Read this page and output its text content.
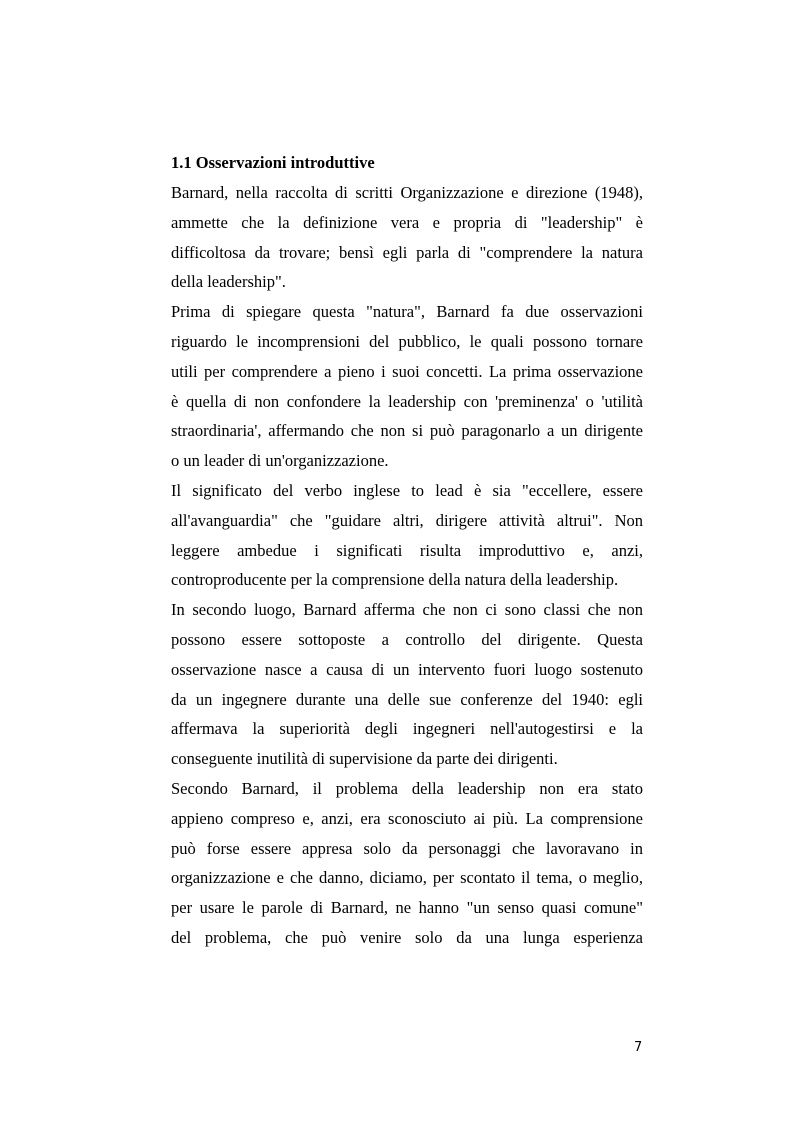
1.1 Osservazioni introduttive
Barnard, nella raccolta di scritti Organizzazione e direzione (1948),
ammette che la definizione vera e propria di "leadership" è
difficoltosa da trovare; bensì egli parla di "comprendere la natura
della leadership".
Prima di spiegare questa "natura", Barnard fa due osservazioni
riguardo le incomprensioni del pubblico, le quali possono tornare
utili per comprendere a pieno i suoi concetti. La prima osservazione
è quella di non confondere la leadership con 'preminenza' o 'utilità
straordinaria', affermando che non si può paragonarlo a un dirigente
o un leader di un'organizzazione.
Il significato del verbo inglese to lead è sia "eccellere, essere
all'avanguardia" che "guidare altri, dirigere attività altrui". Non
leggere ambedue i significati risulta improduttivo e, anzi,
controproducente per la comprensione della natura della leadership.
In secondo luogo, Barnard afferma che non ci sono classi che non
possono essere sottoposte a controllo del dirigente. Questa
osservazione nasce a causa di un intervento fuori luogo sostenuto
da un ingegnere durante una delle sue conferenze del 1940: egli
affermava la superiorità degli ingegneri nell'autogestirsi e la
conseguente inutilità di supervisione da parte dei dirigenti.
Secondo Barnard, il problema della leadership non era stato
appieno compreso e, anzi, era sconosciuto ai più. La comprensione
può forse essere appresa solo da personaggi che lavoravano in
organizzazione e che danno, diciamo, per scontato il tema, o meglio,
per usare le parole di Barnard, ne hanno "un senso quasi comune"
del problema, che può venire solo da una lunga esperienza
7
